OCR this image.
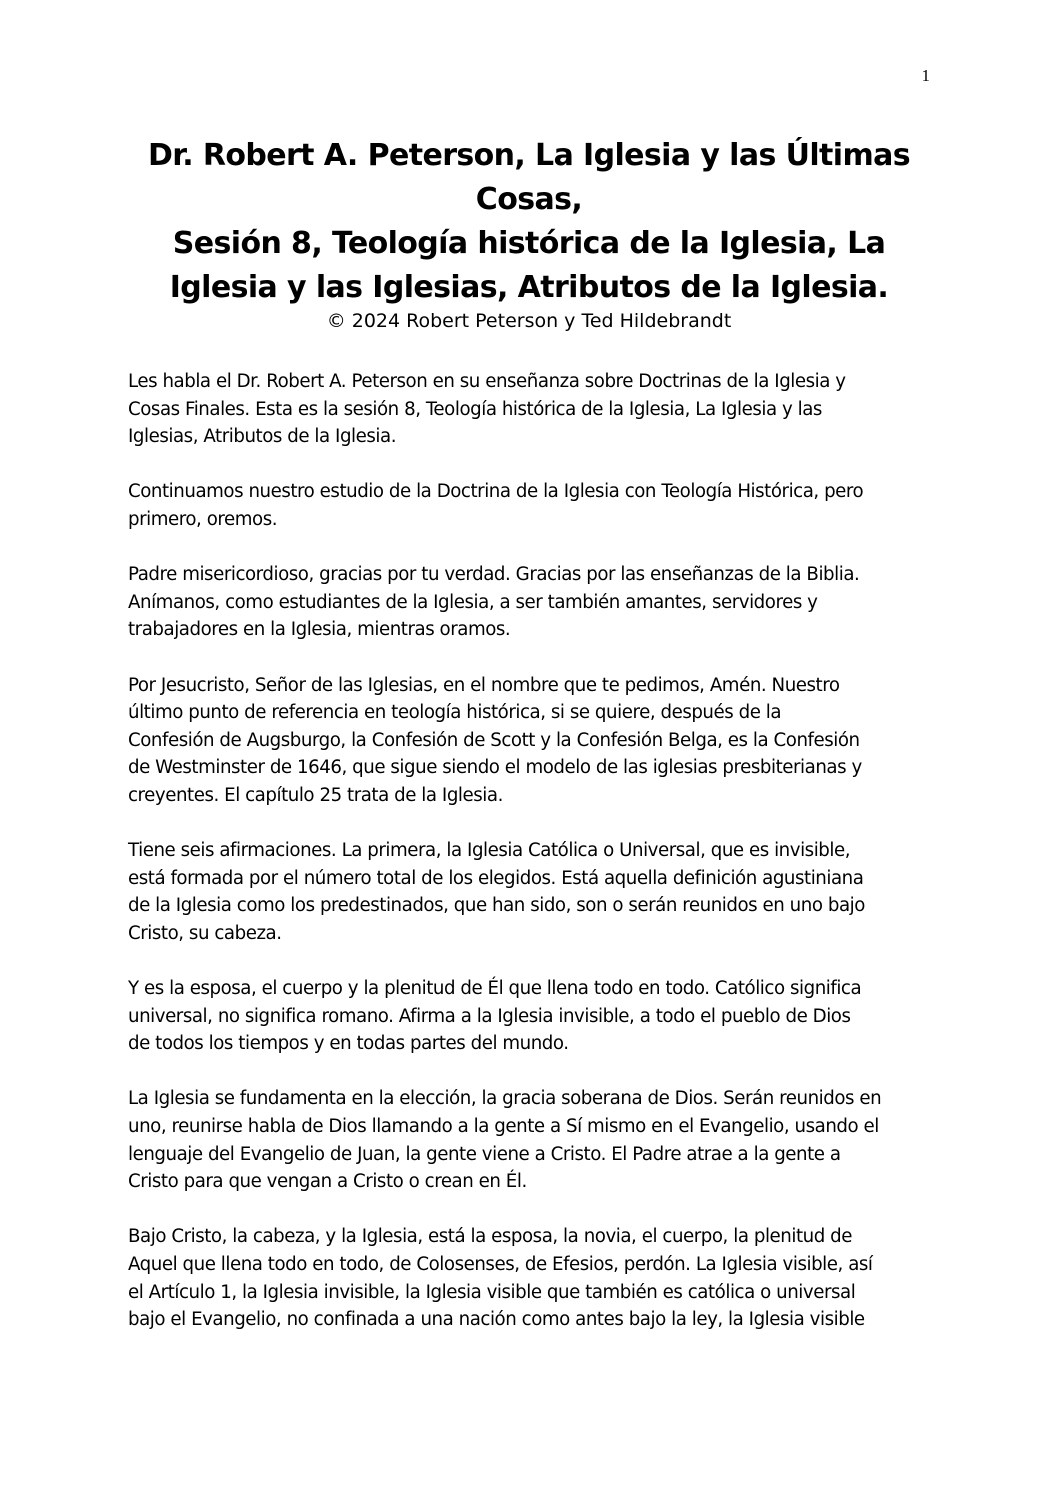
1
Dr. Robert A. Peterson, La Iglesia y las Últimas
Cosas,
Sesión 8, Teología histórica de la Iglesia, La
Iglesia y las Iglesias, Atributos de la Iglesia.
© 2024 Robert Peterson y Ted Hildebrandt

Les habla el Dr. Robert A. Peterson en su enseñanza sobre Doctrinas de la Iglesia y
Cosas Finales. Esta es la sesión 8, Teología histórica de la Iglesia, La Iglesia y las
Iglesias, Atributos de la Iglesia.

Continuamos nuestro estudio de la Doctrina de la Iglesia con Teología Histórica, pero
primero, oremos.

Padre misericordioso, gracias por tu verdad. Gracias por las enseñanzas de la Biblia.
Anímanos, como estudiantes de la Iglesia, a ser también amantes, servidores y
trabajadores en la Iglesia, mientras oramos.

Por Jesucristo, Señor de las Iglesias, en el nombre que te pedimos, Amén. Nuestro
último punto de referencia en teología histórica, si se quiere, después de la
Confesión de Augsburgo, la Confesión de Scott y la Confesión Belga, es la Confesión
de Westminster de 1646, que sigue siendo el modelo de las iglesias presbiterianas y
creyentes. El capítulo 25 trata de la Iglesia.

Tiene seis afirmaciones. La primera, la Iglesia Católica o Universal, que es invisible,
está formada por el número total de los elegidos. Está aquella definición agustiniana
de la Iglesia como los predestinados, que han sido, son o serán reunidos en uno bajo
Cristo, su cabeza.

Y es la esposa, el cuerpo y la plenitud de Él que llena todo en todo. Católico significa
universal, no significa romano. Afirma a la Iglesia invisible, a todo el pueblo de Dios
de todos los tiempos y en todas partes del mundo.

La Iglesia se fundamenta en la elección, la gracia soberana de Dios. Serán reunidos en
uno, reunirse habla de Dios llamando a la gente a Sí mismo en el Evangelio, usando el
lenguaje del Evangelio de Juan, la gente viene a Cristo. El Padre atrae a la gente a
Cristo para que vengan a Cristo o crean en Él.

Bajo Cristo, la cabeza, y la Iglesia, está la esposa, la novia, el cuerpo, la plenitud de
Aquel que llena todo en todo, de Colosenses, de Efesios, perdón. La Iglesia visible, así
el Artículo 1, la Iglesia invisible, la Iglesia visible que también es católica o universal
bajo el Evangelio, no confinada a una nación como antes bajo la ley, la Iglesia visible
